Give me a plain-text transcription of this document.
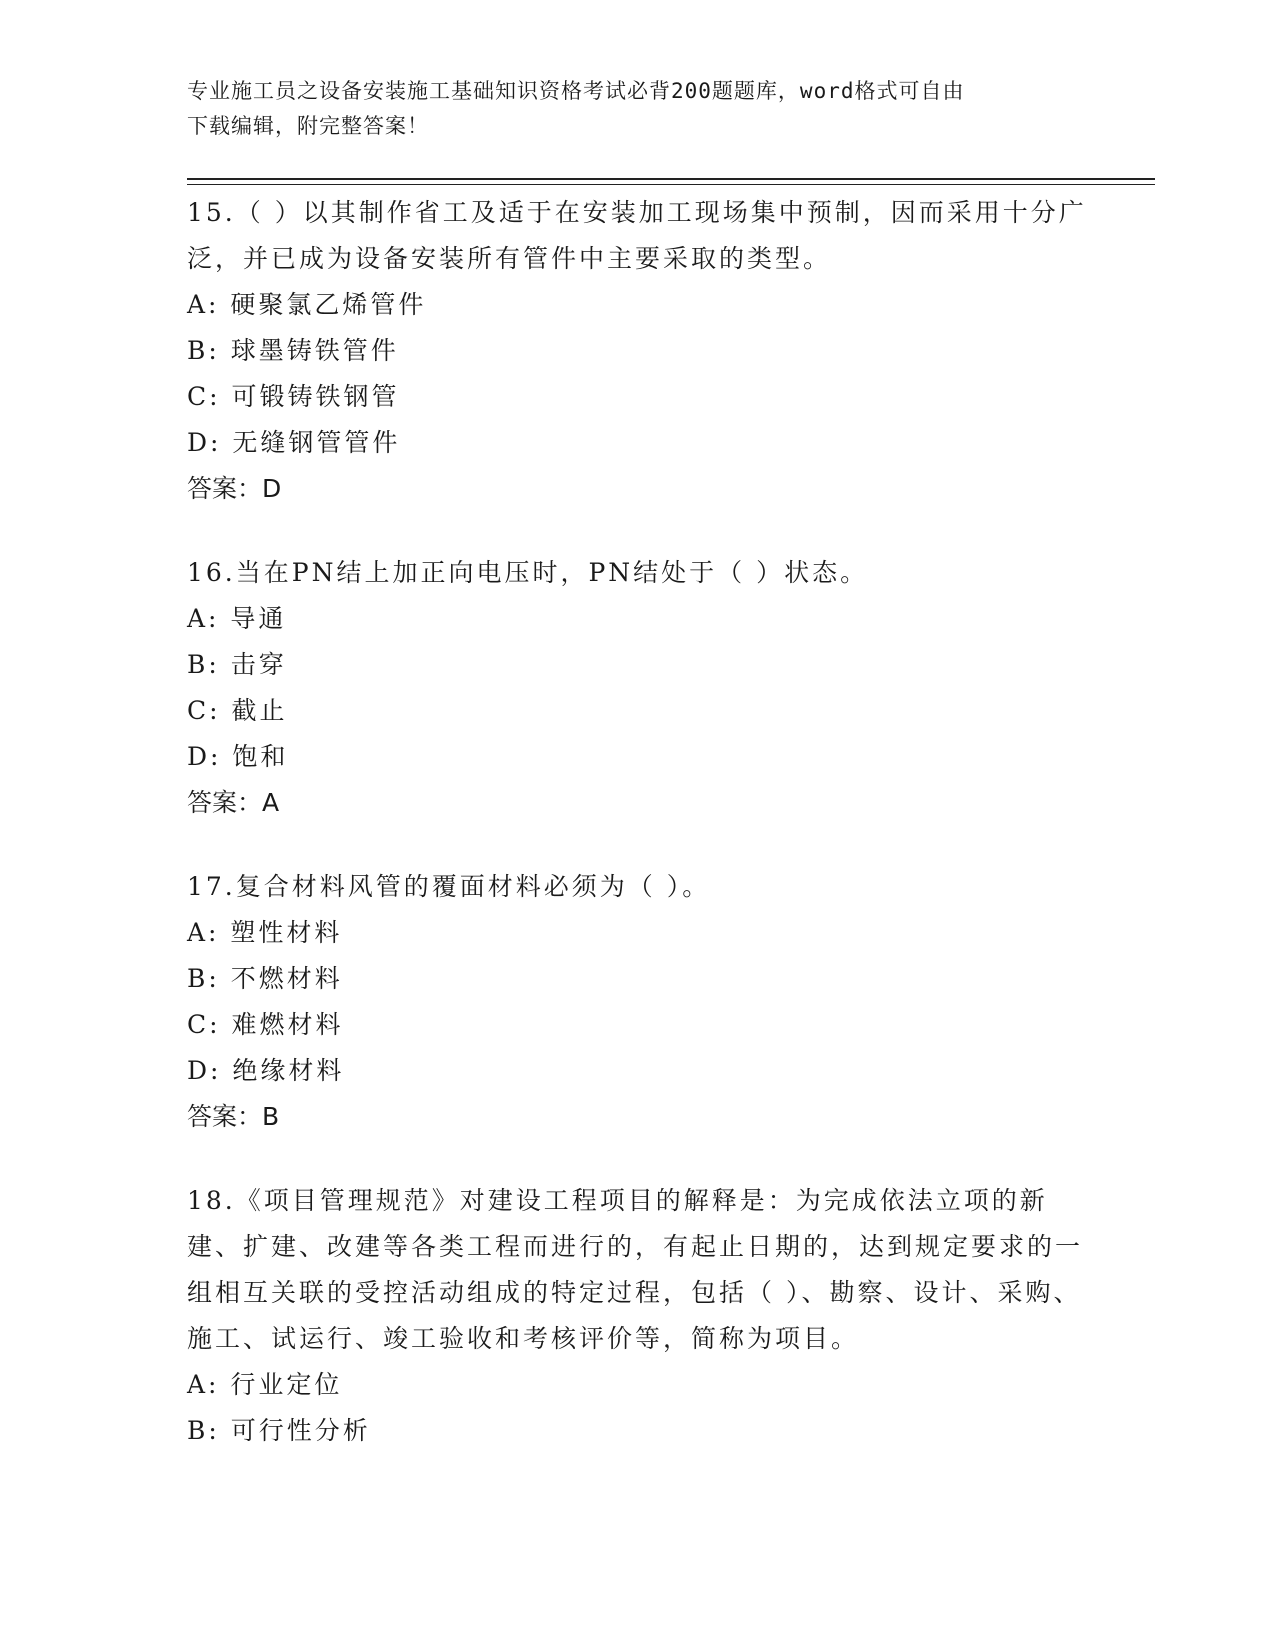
专业施工员之设备安装施工基础知识资格考试必背200题题库，word格式可自由
下载编辑，附完整答案！
15.（ ）以其制作省工及适于在安装加工现场集中预制，因而采用十分广泛，并已成为设备安装所有管件中主要采取的类型。
A: 硬聚氯乙烯管件
B: 球墨铸铁管件
C: 可锻铸铁钢管
D: 无缝钢管管件
答案：D
16.当在PN结上加正向电压时，PN结处于（ ）状态。
A: 导通
B: 击穿
C: 截止
D: 饱和
答案：A
17.复合材料风管的覆面材料必须为（ ）。
A: 塑性材料
B: 不燃材料
C: 难燃材料
D: 绝缘材料
答案：B
18.《项目管理规范》对建设工程项目的解释是：为完成依法立项的新建、扩建、改建等各类工程而进行的，有起止日期的，达到规定要求的一组相互关联的受控活动组成的特定过程，包括（ ）、勘察、设计、采购、施工、试运行、竣工验收和考核评价等，简称为项目。
A: 行业定位
B: 可行性分析
